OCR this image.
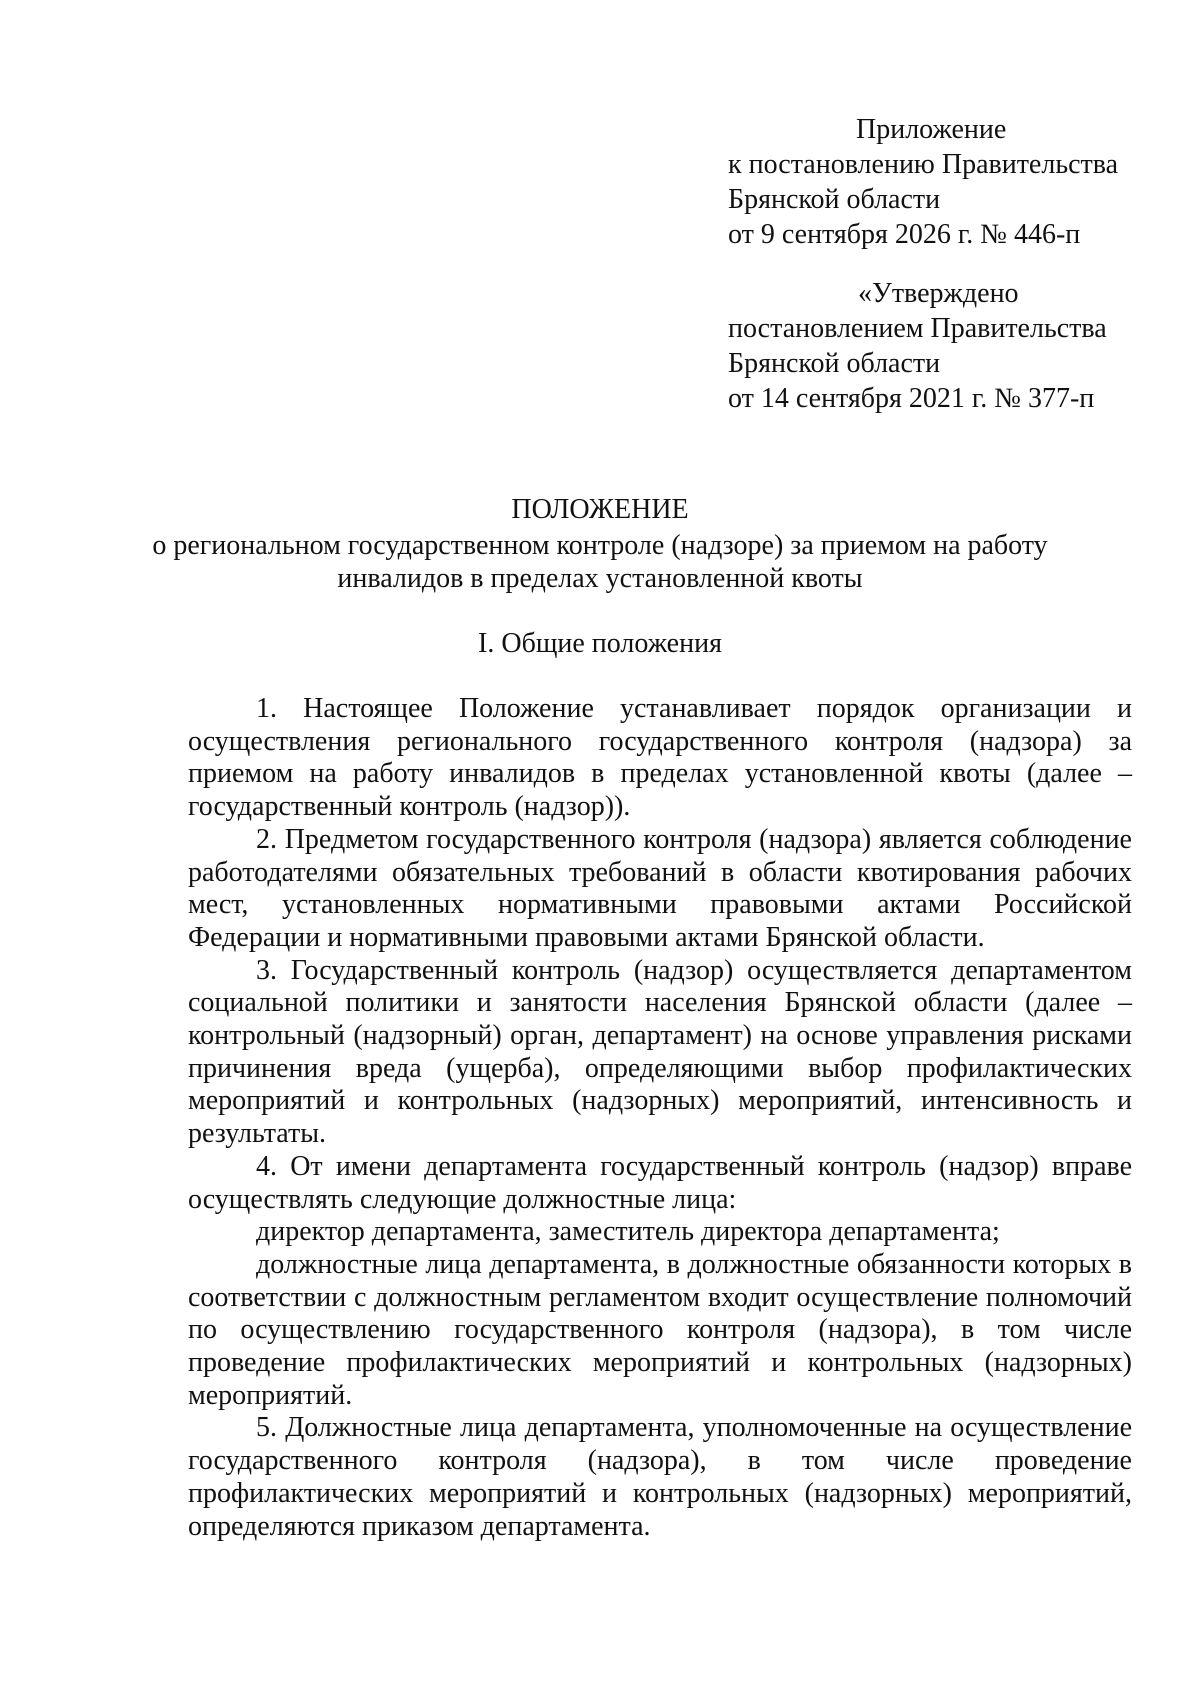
Приложение
к постановлению Правительства
Брянской области
от 9 сентября 2026 г. № 446-п
«Утверждено
постановлением Правительства
Брянской области
от 14 сентября 2021 г. № 377-п
ПОЛОЖЕНИЕ
о региональном государственном контроле (надзоре) за приемом на работу инвалидов в пределах установленной квоты
I. Общие положения

1. Настоящее Положение устанавливает порядок организации и осуществления регионального государственного контроля (надзора) за приемом на работу инвалидов в пределах установленной квоты (далее – государственный контроль (надзор)).

2. Предметом государственного контроля (надзора) является соблюдение работодателями обязательных требований в области квотирования рабочих мест, установленных нормативными правовыми актами Российской Федерации и нормативными правовыми актами Брянской области.

3. Государственный контроль (надзор) осуществляется департаментом социальной политики и занятости населения Брянской области (далее – контрольный (надзорный) орган, департамент) на основе управления рисками причинения вреда (ущерба), определяющими выбор профилактических мероприятий и контрольных (надзорных) мероприятий, интенсивность и результаты.

4. От имени департамента государственный контроль (надзор) вправе осуществлять следующие должностные лица:

директор департамента, заместитель директора департамента;

должностные лица департамента, в должностные обязанности которых в соответствии с должностным регламентом входит осуществление полномочий по осуществлению государственного контроля (надзора), в том числе проведение профилактических мероприятий и контрольных (надзорных) мероприятий.

5. Должностные лица департамента, уполномоченные на осуществление государственного контроля (надзора), в том числе проведение профилактических мероприятий и контрольных (надзорных) мероприятий, определяются приказом департамента.
